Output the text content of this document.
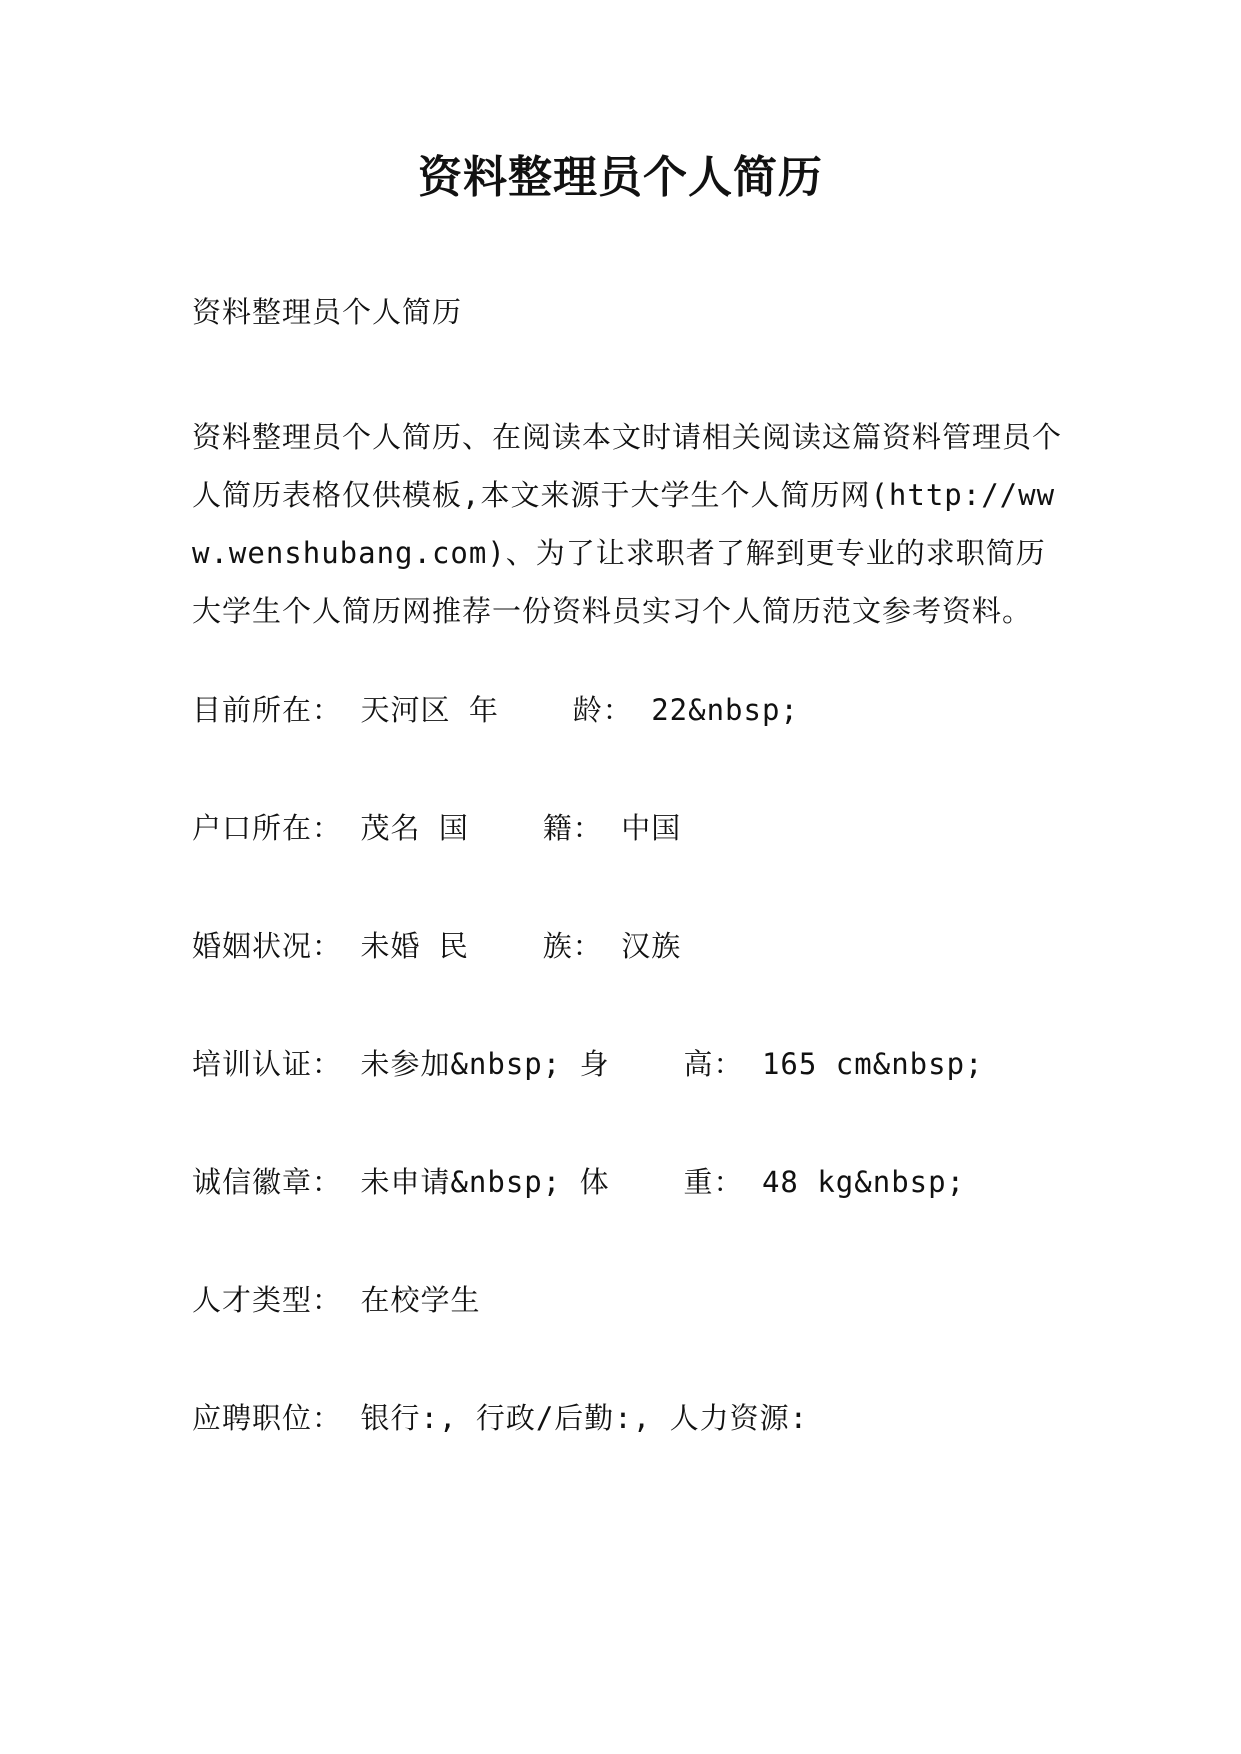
资料整理员个人简历
资料整理员个人简历
资料整理员个人简历、在阅读本文时请相关阅读这篇资料管理员个人简历表格仅供模板,本文来源于大学生个人简历网(http://www.wenshubang.com)、为了让求职者了解到更专业的求职简历大学生个人简历网推荐一份资料员实习个人简历范文参考资料。
目前所在： 天河区 年    龄： 22&nbsp;
户口所在： 茂名 国    籍： 中国
婚姻状况： 未婚 民    族： 汉族
培训认证： 未参加&nbsp; 身    高： 165 cm&nbsp;
诚信徽章： 未申请&nbsp; 体    重： 48 kg&nbsp;
人才类型： 在校学生
应聘职位： 银行:, 行政/后勤:, 人力资源:
